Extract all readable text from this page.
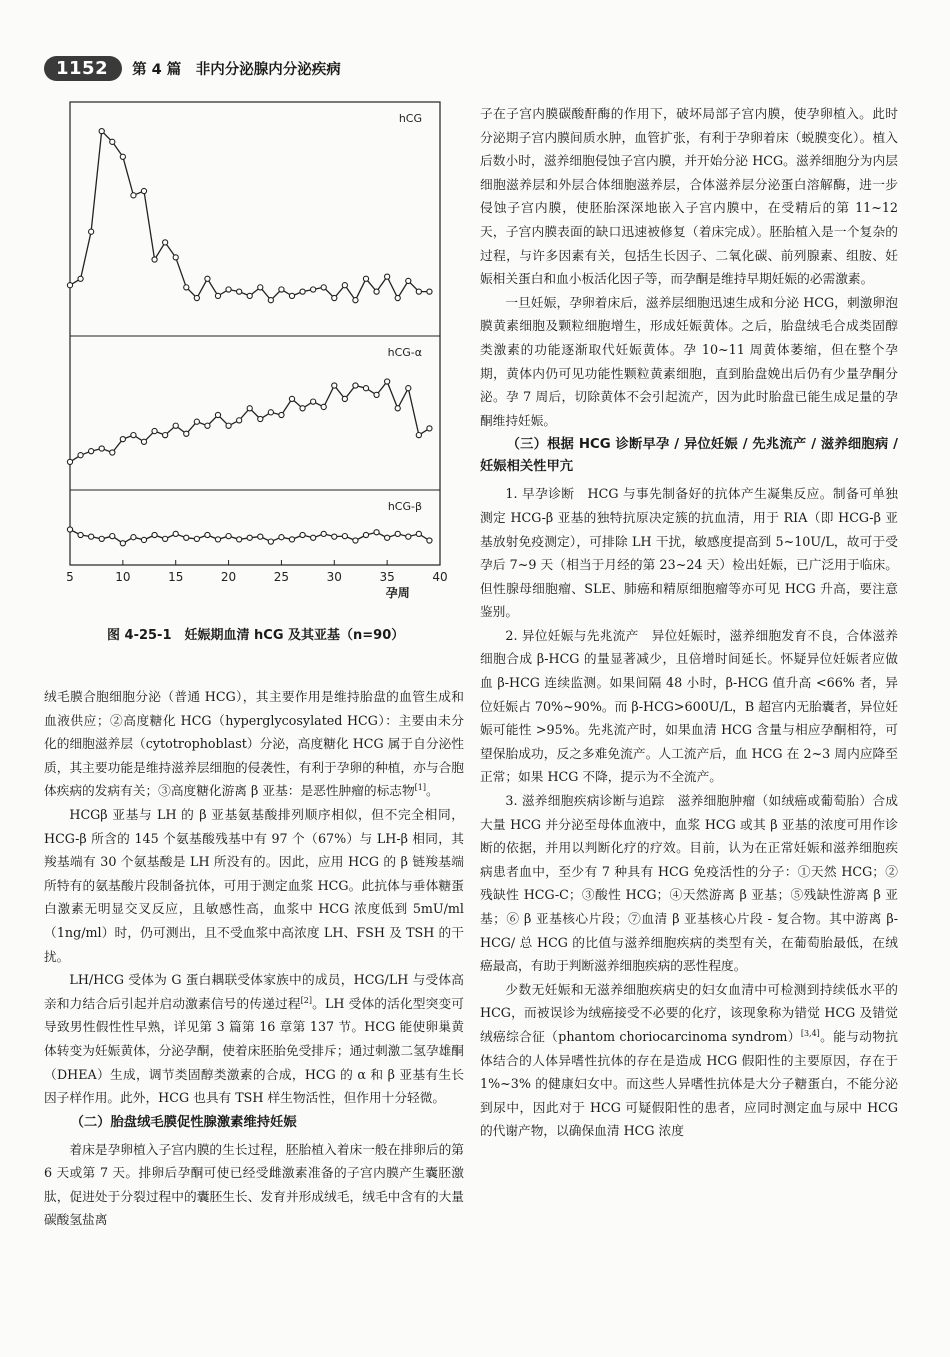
1152	第 4 篇　非内分泌腺内分泌疾病
hCG
hCG-α
hCG-β
5	10	15	20	25	30	35	40
孕周
图 4-25-1　妊娠期血清 hCG 及其亚基（n=90）

绒毛膜合胞细胞分泌（普通 HCG），其主要作用是维持胎盘的血管生成和血液供应；②高度糖化 HCG（hyperglycosylated HCG）：主要由未分化的细胞滋养层（cytotrophoblast）分泌，高度糖化 HCG 属于自分泌性质，其主要功能是维持滋养层细胞的侵袭性，有利于孕卵的种植，亦与合胞体疾病的发病有关；③高度糖化游离 β 亚基：是恶性肿瘤的标志物[1]。

HCGβ 亚基与 LH 的 β 亚基氨基酸排列顺序相似，但不完全相同，HCG-β 所含的 145 个氨基酸残基中有 97 个（67%）与 LH-β 相同，其羧基端有 30 个氨基酸是 LH 所没有的。因此，应用 HCG 的 β 链羧基端所特有的氨基酸片段制备抗体，可用于测定血浆 HCG。此抗体与垂体糖蛋白激素无明显交叉反应，且敏感性高，血浆中 HCG 浓度低到 5mU/ml（1ng/ml）时，仍可测出，且不受血浆中高浓度 LH、FSH 及 TSH 的干扰。

LH/HCG 受体为 G 蛋白耦联受体家族中的成员，HCG/LH 与受体高亲和力结合后引起并启动激素信号的传递过程[2]。LH 受体的活化型突变可导致男性假性性早熟，详见第 3 篇第 16 章第 137 节。HCG 能使卵巢黄体转变为妊娠黄体，分泌孕酮，使着床胚胎免受排斥；通过刺激二氢孕雄酮（DHEA）生成，调节类固醇类激素的合成，HCG 的 α 和 β 亚基有生长因子样作用。此外，HCG 也具有 TSH 样生物活性，但作用十分轻微。

（二）胎盘绒毛膜促性腺激素维持妊娠

着床是孕卵植入子宫内膜的生长过程，胚胎植入着床一般在排卵后的第 6 天或第 7 天。排卵后孕酮可使已经受雌激素准备的子宫内膜产生囊胚激肽，促进处于分裂过程中的囊胚生长、发育并形成绒毛，绒毛中含有的大量碳酸氢盐离

子在子宫内膜碳酸酐酶的作用下，破坏局部子宫内膜，使孕卵植入。此时分泌期子宫内膜间质水肿，血管扩张，有利于孕卵着床（蜕膜变化）。植入后数小时，滋养细胞侵蚀子宫内膜，并开始分泌 HCG。滋养细胞分为内层细胞滋养层和外层合体细胞滋养层，合体滋养层分泌蛋白溶解酶，进一步侵蚀子宫内膜，使胚胎深深地嵌入子宫内膜中，在受精后的第 11~12 天，子宫内膜表面的缺口迅速被修复（着床完成）。胚胎植入是一个复杂的过程，与许多因素有关，包括生长因子、二氧化碳、前列腺素、组胺、妊娠相关蛋白和血小板活化因子等，而孕酮是维持早期妊娠的必需激素。

一旦妊娠，孕卵着床后，滋养层细胞迅速生成和分泌 HCG，刺激卵泡膜黄素细胞及颗粒细胞增生，形成妊娠黄体。之后，胎盘绒毛合成类固醇类激素的功能逐渐取代妊娠黄体。孕 10~11 周黄体萎缩，但在整个孕期，黄体内仍可见功能性颗粒黄素细胞，直到胎盘娩出后仍有少量孕酮分泌。孕 7 周后，切除黄体不会引起流产，因为此时胎盘已能生成足量的孕酮维持妊娠。

（三）根据 HCG 诊断早孕 / 异位妊娠 / 先兆流产 / 滋养细胞病 / 妊娠相关性甲亢

1. 早孕诊断　HCG 与事先制备好的抗体产生凝集反应。制备可单独测定 HCG-β 亚基的独特抗原决定簇的抗血清，用于 RIA（即 HCG-β 亚基放射免疫测定），可排除 LH 干扰，敏感度提高到 5~10U/L，故可于受孕后 7~9 天（相当于月经的第 23~24 天）检出妊娠，已广泛用于临床。但性腺母细胞瘤、SLE、肺癌和精原细胞瘤等亦可见 HCG 升高，要注意鉴别。

2. 异位妊娠与先兆流产　异位妊娠时，滋养细胞发育不良，合体滋养细胞合成 β-HCG 的量显著减少，且倍增时间延长。怀疑异位妊娠者应做血 β-HCG 连续监测。如果间隔 48 小时，β-HCG 值升高 <66% 者，异位妊娠占 70%~90%。而 β-HCG>600U/L，B 超宫内无胎囊者，异位妊娠可能性 >95%。先兆流产时，如果血清 HCG 含量与相应孕酮相符，可望保胎成功，反之多难免流产。人工流产后，血 HCG 在 2~3 周内应降至正常；如果 HCG 不降，提示为不全流产。

3. 滋养细胞疾病诊断与追踪　滋养细胞肿瘤（如绒癌或葡萄胎）合成大量 HCG 并分泌至母体血液中，血浆 HCG 或其 β 亚基的浓度可用作诊断的依据，并用以判断化疗的疗效。目前，认为在正常妊娠和滋养细胞疾病患者血中，至少有 7 种具有 HCG 免疫活性的分子：①天然 HCG；②残缺性 HCG-C；③酸性 HCG；④天然游离 β 亚基；⑤残缺性游离 β 亚基；⑥ β 亚基核心片段；⑦血清 β 亚基核心片段 - 复合物。其中游离 β-HCG/ 总 HCG 的比值与滋养细胞疾病的类型有关，在葡萄胎最低，在绒癌最高，有助于判断滋养细胞疾病的恶性程度。

少数无妊娠和无滋养细胞疾病史的妇女血清中可检测到持续低水平的 HCG，而被误诊为绒癌接受不必要的化疗，该现象称为错觉 HCG 及错觉绒癌综合征（phantom choriocarcinoma syndrom）[3,4]。能与动物抗体结合的人体异嗜性抗体的存在是造成 HCG 假阳性的主要原因，存在于 1%~3% 的健康妇女中。而这些人异嗜性抗体是大分子糖蛋白，不能分泌到尿中，因此对于 HCG 可疑假阳性的患者，应同时测定血与尿中 HCG 的代谢产物，以确保血清 HCG 浓度
